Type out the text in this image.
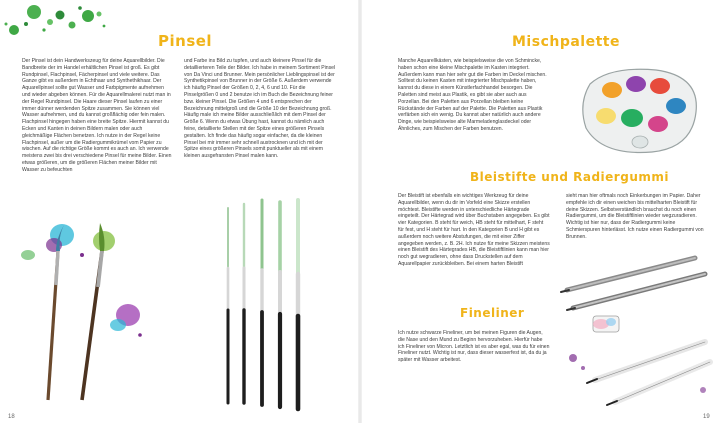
Pinsel	Mischpalette
Bleistifte und Radiergummi
Fineliner

Der Pinsel ist dein Handwerkszeug für deine Aquarellbilder. Die Bandbreite der im Handel erhältlichen Pinsel ist groß. Es gibt Rundpinsel, Flachpinsel, Fächerpinsel und viele weitere. Das Ganze gibt es außerdem in Echthaar und Synthethikhaar. Der Aquarellpinsel sollte gut Wasser und Farbpigmente aufnehmen und wieder abgeben können. Für die Aquarellmalerei nutzt man in der Regel Rundpinsel. Die Haare dieser Pinsel laufen zu einer immer dünner werdenden Spitze zusammen. Sie können viel Wasser aufnehmen, und du kannst großflächig oder fein malen. Flachpinsel hingegen haben eine breite Spitze. Hiermit kannst du Ecken und Kanten in deinen Bildern malen oder auch gleichmäßige Flächen benetzen. Ich nutze in der Regel keine Flachpinsel, außer um die Radiergummikrümel vom Papier zu wischen. Auf die richtige Größe kommt es auch an. Ich verwende meistens zwei bis drei verschiedene Pinsel für meine Bilder. Einen etwas größeren, um die größeren Flächen meiner Bilder mit Wasser zu befeuchten

und Farbe ins Bild zu tupfen, und auch kleinere Pinsel für die detaillierteren Teile der Bilder. Ich habe in meinem Sortiment Pinsel von Da Vinci und Brunner. Mein persönlicher Lieblingspinsel ist der Synthetikpinsel von Brunner in der Größe 6. Außerdem verwende ich häufig Pinsel der Größen 0, 2, 4, 6 und 10. Für die Pinselgrößen 0 und 2 benutze ich im Buch die Bezeichnung feiner bzw. kleiner Pinsel. Die Größen 4 und 6 entsprechen der Bezeichnung mittelgroß und die Größe 10 der Bezeichnung groß. Häufig male ich meine Bilder ausschließlich mit dem Pinsel der Größe 6. Wenn du etwas Übung hast, kannst du nämlich auch feine, detaillierte Stellen mit der Spitze eines größeren Pinsels gestalten. Ich finde das häufig sogar einfacher, da die kleinen Pinsel bei mir immer sehr schnell austrocknen und ich mit der Spitze eines größeren Pinsels somit punktueller als mit einem kleinen ausgefransten Pinsel malen kann.

Manche Aquarellkästen, wie beispielsweise die von Schmincke, haben schon eine kleine Mischpalette im Kasten integriert. Außerdem kann man hier sehr gut die Farben im Deckel mischen. Solltest du keinen Kasten mit integrierter Mischpalette haben, kannst du diese in einem Künstlerfachhandel besorgen. Die Paletten sind meist aus Plastik, es gibt sie aber auch aus Porzellan. Bei den Paletten aus Porzellan bleiben keine Rückstände der Farben auf der Palette. Die Paletten aus Plastik verfärben sich ein wenig. Du kannst aber natürlich auch andere Dinge, wie beispielsweise alte Marmeladenglasdeckel oder Ähnliches, zum Mischen der Farben benutzen.

Der Bleistift ist ebenfalls ein wichtiges Werkzeug für deine Aquarellbilder, wenn du dir im Vorfeld eine Skizze erstellen möchtest. Bleistifte werden in unterschiedliche Härtegrade eingeteilt. Der Härtegrad wird über Buchstaben angegeben. Es gibt vier Kategorien. B steht für weich, HB steht für mittelhart, F steht für fest, und H steht für hart. In den Kategorien B und H gibt es außerdem noch weitere Abstufungen, die mit einer Ziffer angegeben werden, z. B. 2H. Ich nutze für meine Skizzen meistens einen Bleistift des Härtegrades HB, die Bleistiftlinien kann man hier noch gut wegradieren, ohne dass Druckstellen auf dem Aquarellpapier zurückbleiben. Bei einem harten Bleistift

sieht man hier oftmals noch Einkerbungen im Papier. Daher empfehle ich dir einen weichen bis mittelharten Bleistift für deine Skizzen. Selbstverständlich brauchst du noch einen Radiergummi, um die Bleistiftlinien wieder wegzuradieren. Wichtig ist hier nur, dass der Radiergummi keine Schmierspuren hinterlässt. Ich nutze einen Radiergummi von Brunnen.

Ich nutze schwarze Fineliner, um bei meinen Figuren die Augen, die Nase und den Mund zu Beginn hervorzuheben. Hierfür habe ich Fineliner von Micron. Letztlich ist es aber egal, was du für einen Fineliner nutzt. Wichtig ist nur, dass dieser wasserfest ist, da du ja später mit Wasser arbeitest.

18	19
